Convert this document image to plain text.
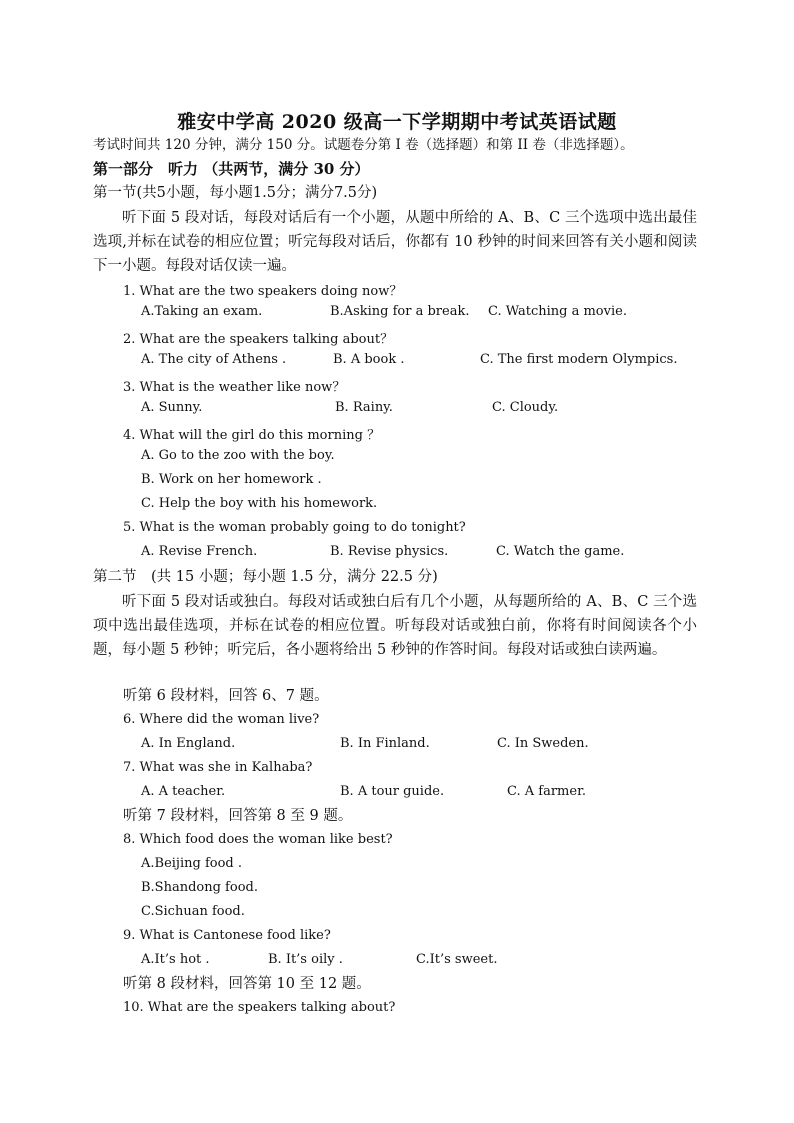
雅安中学高 2020 级高一下学期期中考试英语试题
考试时间共 120 分钟，满分 150 分。试题卷分第 I 卷（选择题）和第 II 卷（非选择题）。
第一部分　听力 （共两节，满分 30 分）
第一节(共5小题，每小题1.5分；满分7.5分)
听下面 5 段对话，每段对话后有一个小题，从题中所给的 A、B、C 三个选项中选出最佳选项,并标在试卷的相应位置；听完每段对话后，你都有 10 秒钟的时间来回答有关小题和阅读下一小题。每段对话仅读一遍。
1. What are the two speakers doing now？
A.Taking an exam.	B.Asking for a break. C. Watching a movie.
2. What are the speakers talking about？
A. The city of Athens .	B. A book .	C. The first modern Olympics.
3. What is the weather like now？
A. Sunny.	B. Rainy.	C. Cloudy.
4. What will the girl do this morning ？
A. Go to the zoo with the boy.
B. Work on her homework .
C. Help the boy with his homework.
5. What is the woman probably going to do tonight?
A. Revise French.	B. Revise physics.	C. Watch the game.
第二节　(共 15 小题；每小题 1.5 分，满分 22.5 分)
听下面 5 段对话或独白。每段对话或独白后有几个小题，从每题所给的 A、B、C 三个选项中选出最佳选项，并标在试卷的相应位置。听每段对话或独白前，你将有时间阅读各个小题，每小题 5 秒钟；听完后，各小题将给出 5 秒钟的作答时间。每段对话或独白读两遍。
听第 6 段材料，回答 6、7 题。
6. Where did the woman live?
A. In England.	B. In Finland.	C. In Sweden.
7. What was she in Kalhaba?
A. A teacher.	B. A tour guide.	C. A farmer.
听第 7 段材料，回答第 8 至 9 题。
8. Which food does the woman like best?
A.Beijing food .
B.Shandong food.
C.Sichuan food.
9. What is Cantonese food like?
A.It’s hot .	B. It’s oily .	C.It’s sweet.
听第 8 段材料，回答第 10 至 12 题。
10. What are the speakers talking about?
